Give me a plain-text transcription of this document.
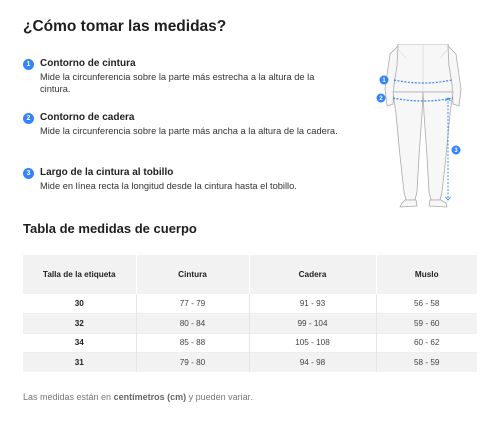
¿Cómo tomar las medidas?
1 Contorno de cintura
Mide la circunferencia sobre la parte más estrecha a la altura de la cintura.
2 Contorno de cadera
Mide la circunferencia sobre la parte más ancha a la altura de la cadera.
3 Largo de la cintura al tobillo
Mide en línea recta la longitud desde la cintura hasta el tobillo.
1
2
3
Tabla de medidas de cuerpo
Talla de la etiqueta	Cintura	Cadera	Muslo
30	77 - 79	91 - 93	56 - 58
32	80 - 84	99 - 104	59 - 60
34	85 - 88	105 - 108	60 - 62
31	79 - 80	94 - 98	58 - 59
Las medidas están en centímetros (cm) y pueden variar.
